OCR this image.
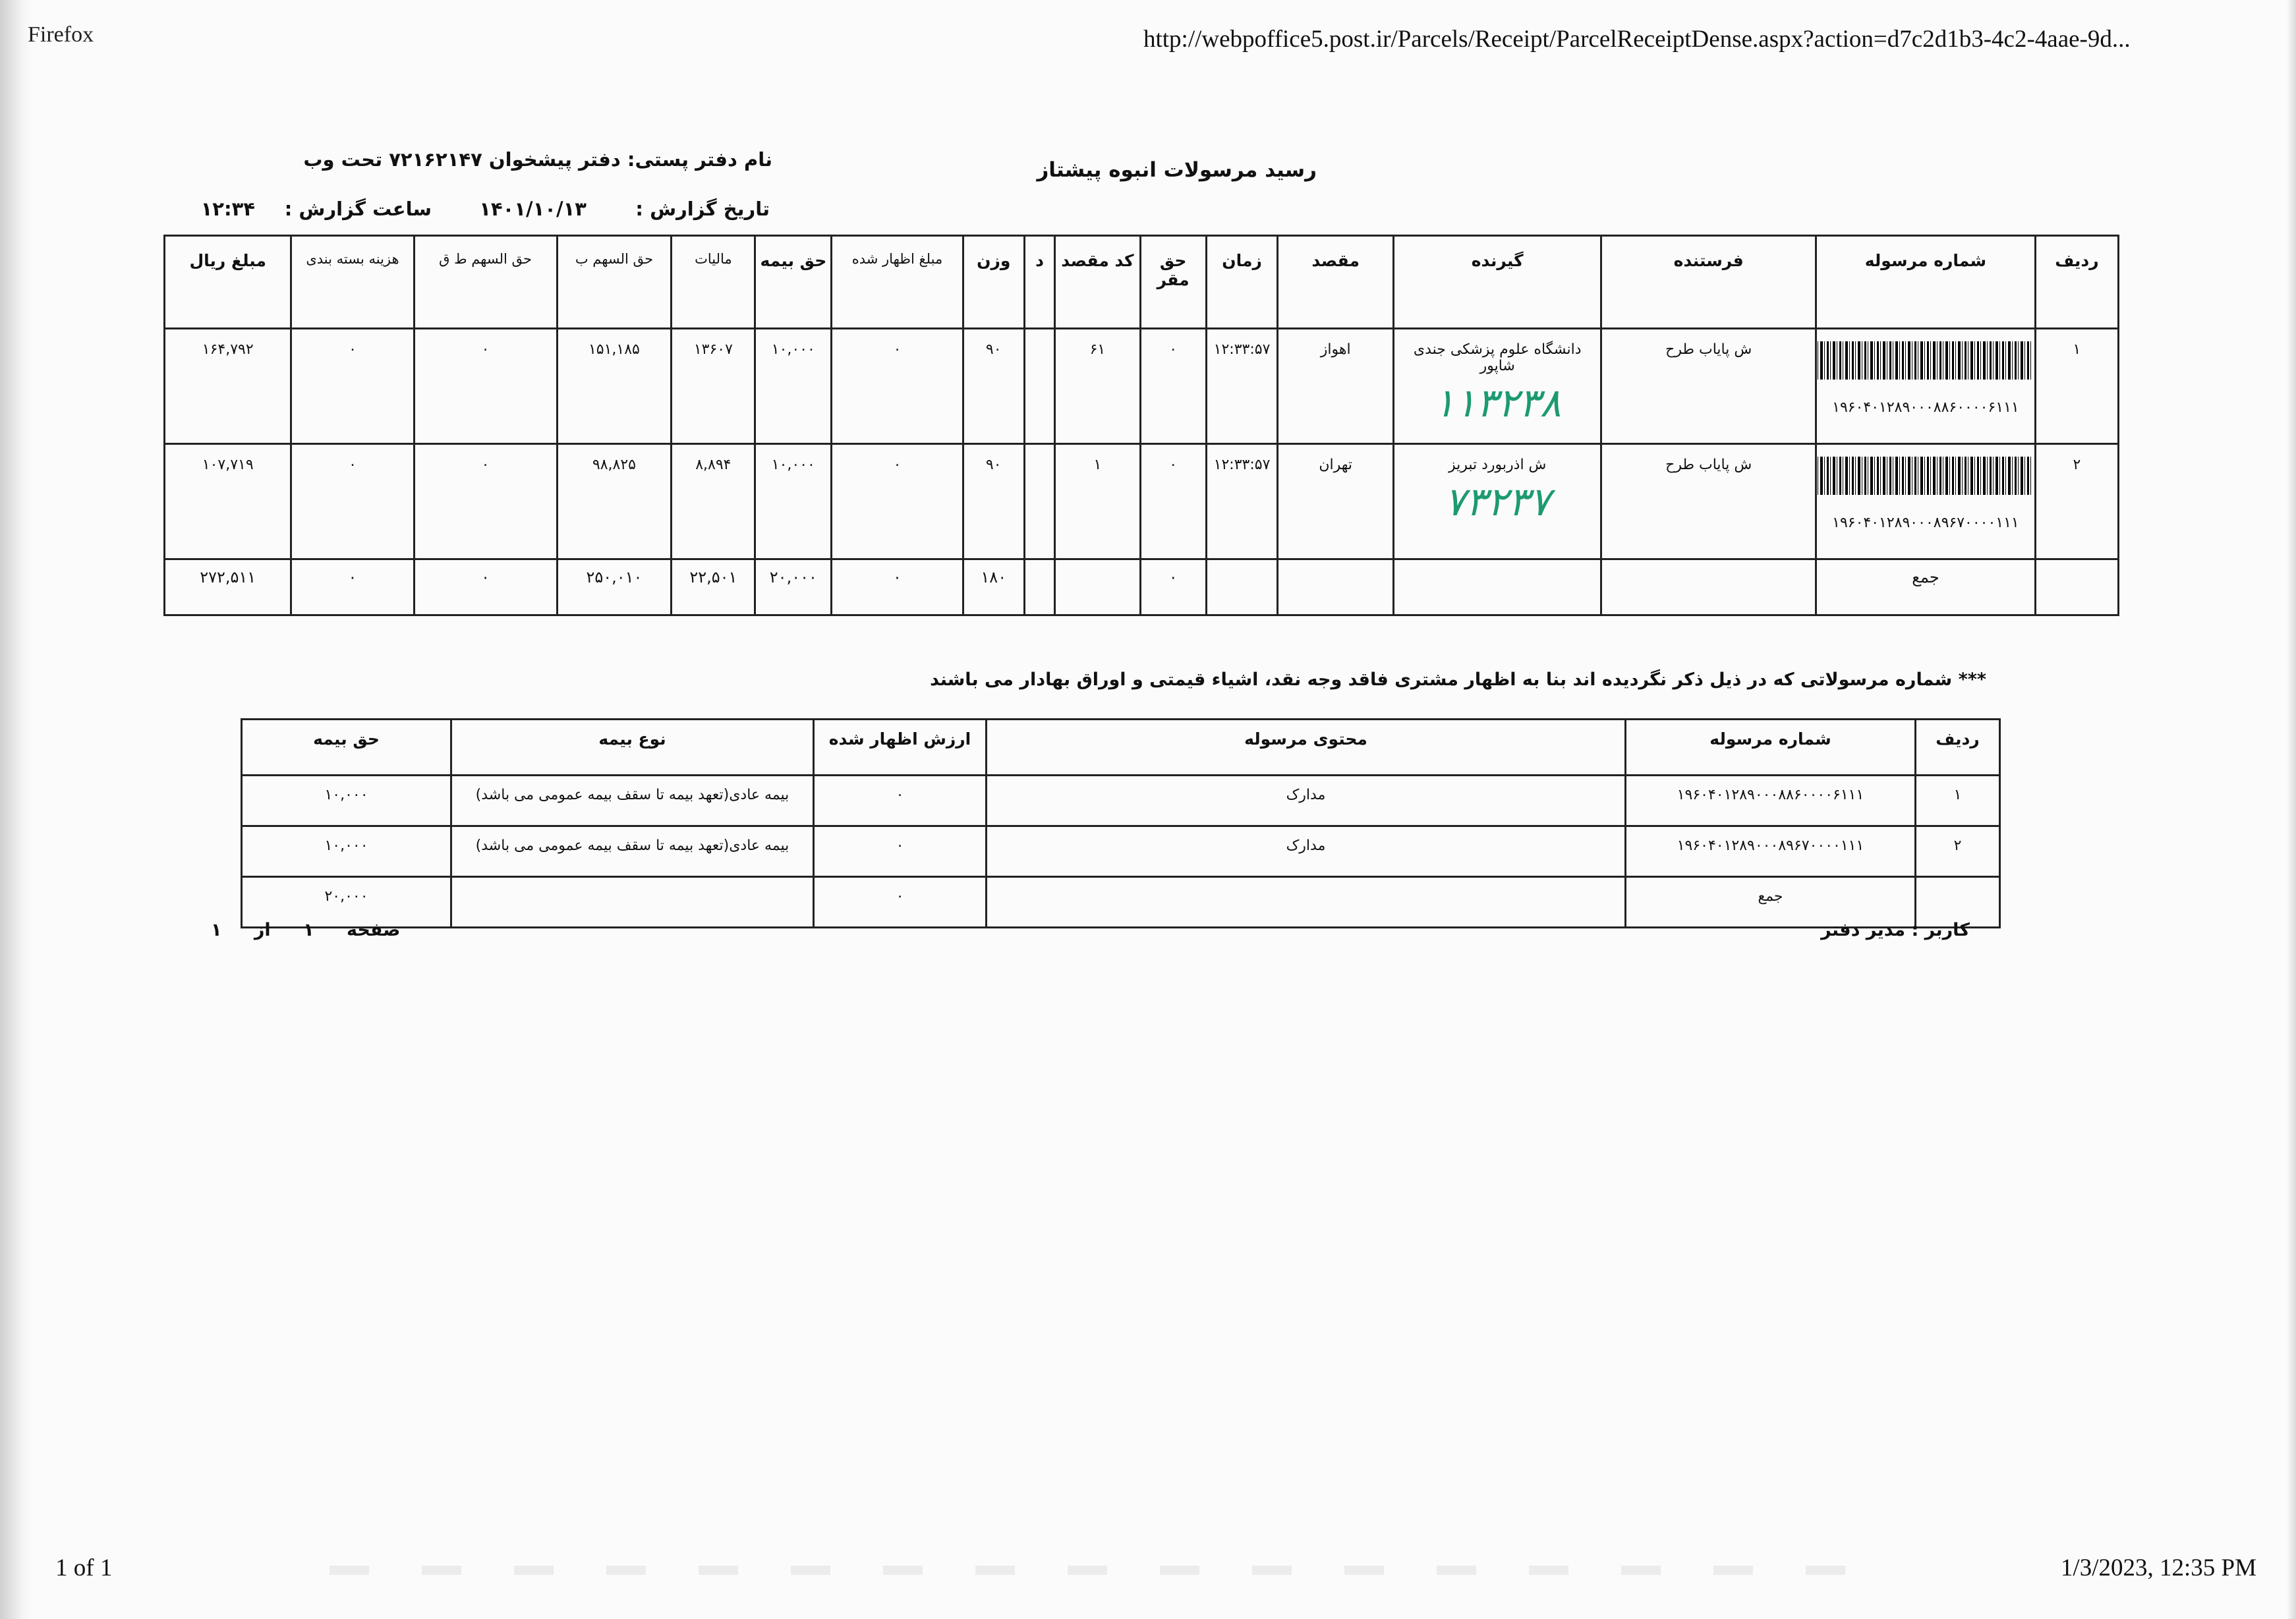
Firefox	http://webpoffice5.post.ir/Parcels/Receipt/ParcelReceiptDense.aspx?action=d7c2d1b3-4c2-4aae-9d...
رسید مرسولات انبوه پیشتاز
نام دفتر پستی: دفتر پیشخوان ۷۲۱۶۲۱۴۷ تحت وب
تاریخ گزارش :
۱۴۰۱/۱۰/۱۳
ساعت گزارش :
۱۲:۳۴
ردیف	شماره مرسوله	فرستنده	گیرنده	مقصد	زمان	حق مقر	کد مقصد	د	وزن	مبلغ اظهار شده	حق بیمه	مالیات	حق السهم ب	حق السهم ط ق	هزینه بسته بندی	مبلغ ریال
۱	۱۹۶۰۴۰۱۲۸۹۰۰۰۸۸۶۰۰۰۰۶۱۱۱	ش پایاب طرح	دانشگاه علوم پزشکی جندی شاپور
۱۱۳۲۳۸	اهواز	۱۲:۳۳:۵۷	۰	۶۱		۹۰	۰	۱۰,۰۰۰	۱۳۶۰۷	۱۵۱,۱۸۵	۰	۰	۱۶۴,۷۹۲
۲	۱۹۶۰۴۰۱۲۸۹۰۰۰۸۹۶۷۰۰۰۰۱۱۱	ش پایاب طرح	ش اذربورد تبریز
۷۳۲۳۷	تهران	۱۲:۳۳:۵۷	۰	۱		۹۰	۰	۱۰,۰۰۰	۸,۸۹۴	۹۸,۸۲۵	۰	۰	۱۰۷,۷۱۹
	جمع					۰			۱۸۰	۰	۲۰,۰۰۰	۲۲,۵۰۱	۲۵۰,۰۱۰	۰	۰	۲۷۲,۵۱۱
*** شماره مرسولاتی که در ذیل ذکر نگردیده اند بنا به اظهار مشتری فاقد وجه نقد، اشیاء قیمتی و اوراق بهادار می باشند
ردیف	شماره مرسوله	محتوی مرسوله	ارزش اظهار شده	نوع بیمه	حق بیمه
۱	۱۹۶۰۴۰۱۲۸۹۰۰۰۸۸۶۰۰۰۰۶۱۱۱	مدارک	۰	بیمه عادی(تعهد بیمه تا سقف بیمه عمومی می باشد)	۱۰,۰۰۰
۲	۱۹۶۰۴۰۱۲۸۹۰۰۰۸۹۶۷۰۰۰۰۱۱۱	مدارک	۰	بیمه عادی(تعهد بیمه تا سقف بیمه عمومی می باشد)	۱۰,۰۰۰
	جمع		۰		۲۰,۰۰۰
کاربر : مدیر دفتر
صفحه ۱ از ۱
1 of 1	1/3/2023, 12:35 PM
